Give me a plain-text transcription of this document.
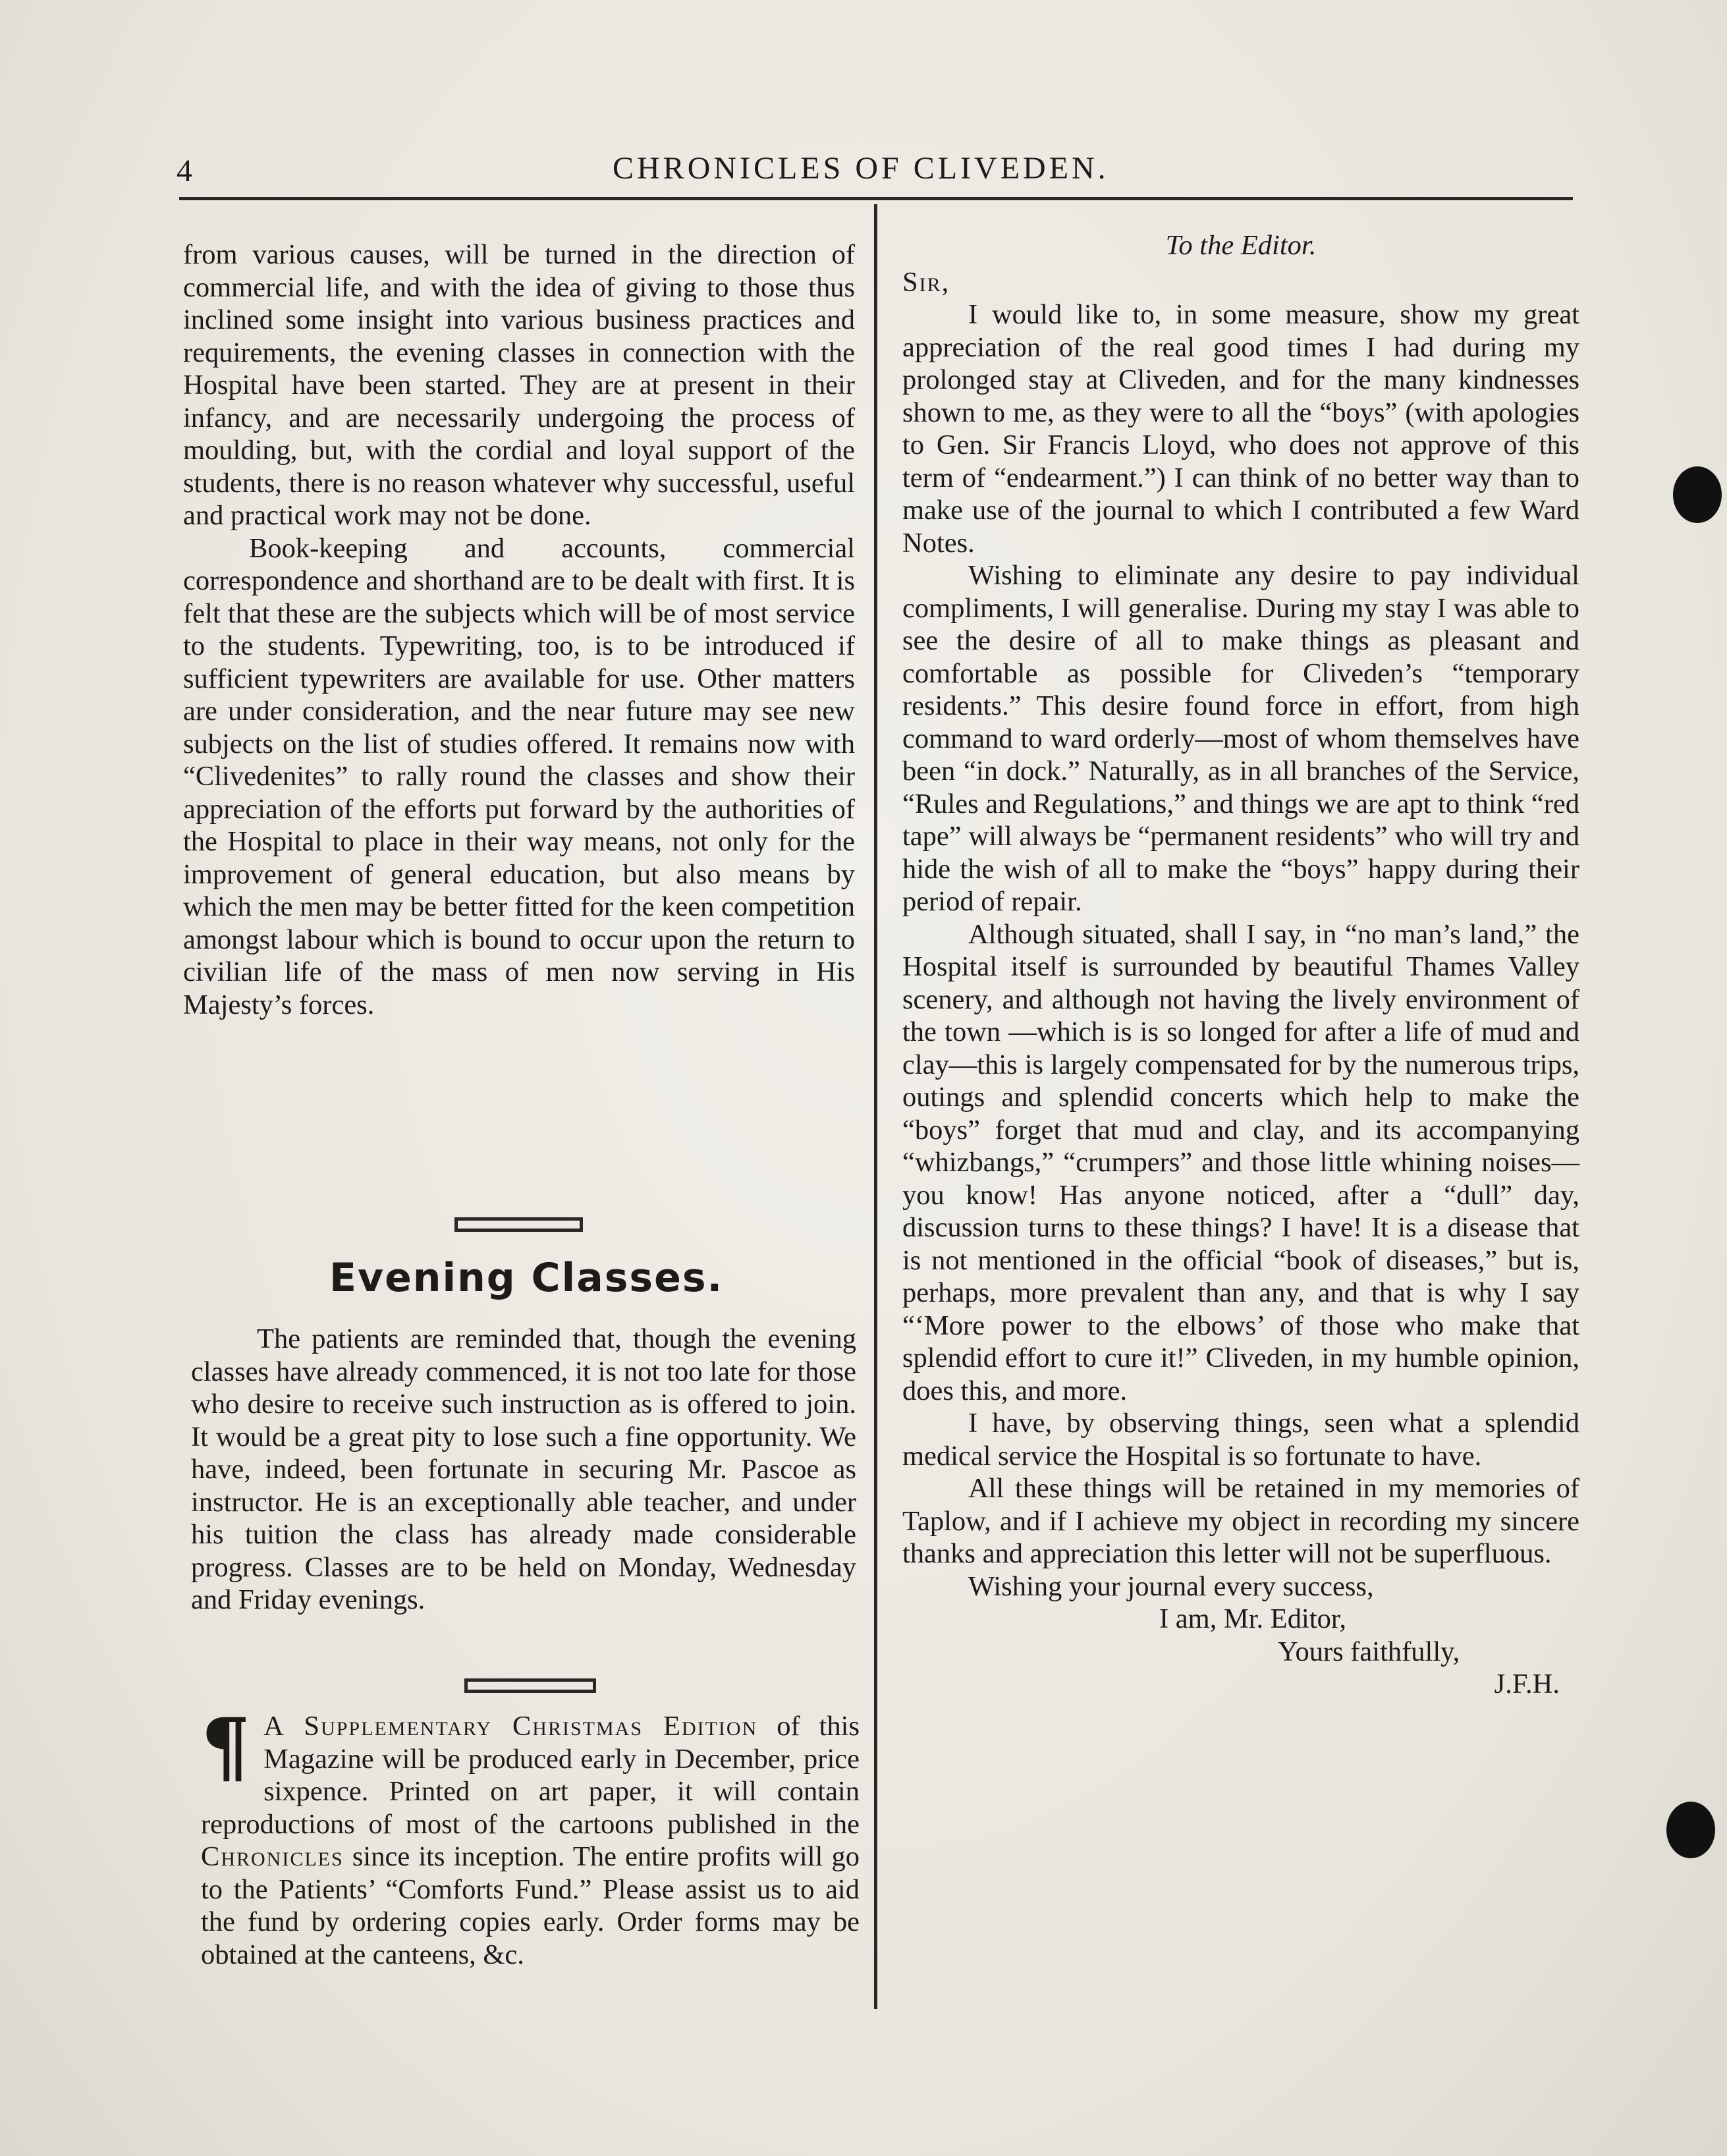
4	CHRONICLES OF CLIVEDEN.

from various causes, will be turned in the direction of commercial life, and with the idea of giving to those thus inclined some insight into various business practices and requirements, the evening classes in connection with the Hospital have been started. They are at present in their infancy, and are necessarily undergoing the process of moulding, but, with the cordial and loyal support of the students, there is no reason whatever why successful, useful and practical work may not be done.

Book-keeping and accounts, commercial correspondence and shorthand are to be dealt with first. It is felt that these are the subjects which will be of most service to the students. Typewriting, too, is to be introduced if sufficient typewriters are available for use. Other matters are under consideration, and the near future may see new subjects on the list of studies offered. It remains now with “Clivedenites” to rally round the classes and show their appreciation of the efforts put forward by the authorities of the Hospital to place in their way means, not only for the improvement of general education, but also means by which the men may be better fitted for the keen competition amongst labour which is bound to occur upon the return to civilian life of the mass of men now serving in His Majesty’s forces.

Evening Classes.

The patients are reminded that, though the evening classes have already commenced, it is not too late for those who desire to receive such instruction as is offered to join. It would be a great pity to lose such a fine opportunity. We have, indeed, been fortunate in securing Mr. Pascoe as instructor. He is an exceptionally able teacher, and under his tuition the class has already made considerable progress. Classes are to be held on Monday, Wednesday and Friday evenings.

¶ A Supplementary Christmas Edition of this Magazine will be produced early in December, price sixpence. Printed on art paper, it will contain reproductions of most of the cartoons published in the Chronicles since its inception. The entire profits will go to the Patients’ “Comforts Fund.” Please assist us to aid the fund by ordering copies early. Order forms may be obtained at the canteens, &c.

To the Editor.

Sir,

I would like to, in some measure, show my great appreciation of the real good times I had during my prolonged stay at Cliveden, and for the many kindnesses shown to me, as they were to all the “boys” (with apologies to Gen. Sir Francis Lloyd, who does not approve of this term of “endearment.”) I can think of no better way than to make use of the journal to which I contributed a few Ward Notes.

Wishing to eliminate any desire to pay individual compliments, I will generalise. During my stay I was able to see the desire of all to make things as pleasant and comfortable as possible for Cliveden’s “temporary residents.” This desire found force in effort, from high command to ward orderly—most of whom themselves have been “in dock.” Naturally, as in all branches of the Service, “Rules and Regulations,” and things we are apt to think “red tape” will always be “permanent residents” who will try and hide the wish of all to make the “boys” happy during their period of repair.

Although situated, shall I say, in “no man’s land,” the Hospital itself is surrounded by beautiful Thames Valley scenery, and although not having the lively environment of the town —which is is so longed for after a life of mud and clay—this is largely compensated for by the numerous trips, outings and splendid concerts which help to make the “boys” forget that mud and clay, and its accompanying “whizbangs,” “crumpers” and those little whining noises—you know! Has anyone noticed, after a “dull” day, discussion turns to these things? I have! It is a disease that is not mentioned in the official “book of diseases,” but is, perhaps, more prevalent than any, and that is why I say “‘More power to the elbows’ of those who make that splendid effort to cure it!” Cliveden, in my humble opinion, does this, and more.

I have, by observing things, seen what a splendid medical service the Hospital is so fortunate to have.

All these things will be retained in my memories of Taplow, and if I achieve my object in recording my sincere thanks and appreciation this letter will not be superfluous.

Wishing your journal every success,

I am, Mr. Editor,

Yours faithfully,

J.F.H.
